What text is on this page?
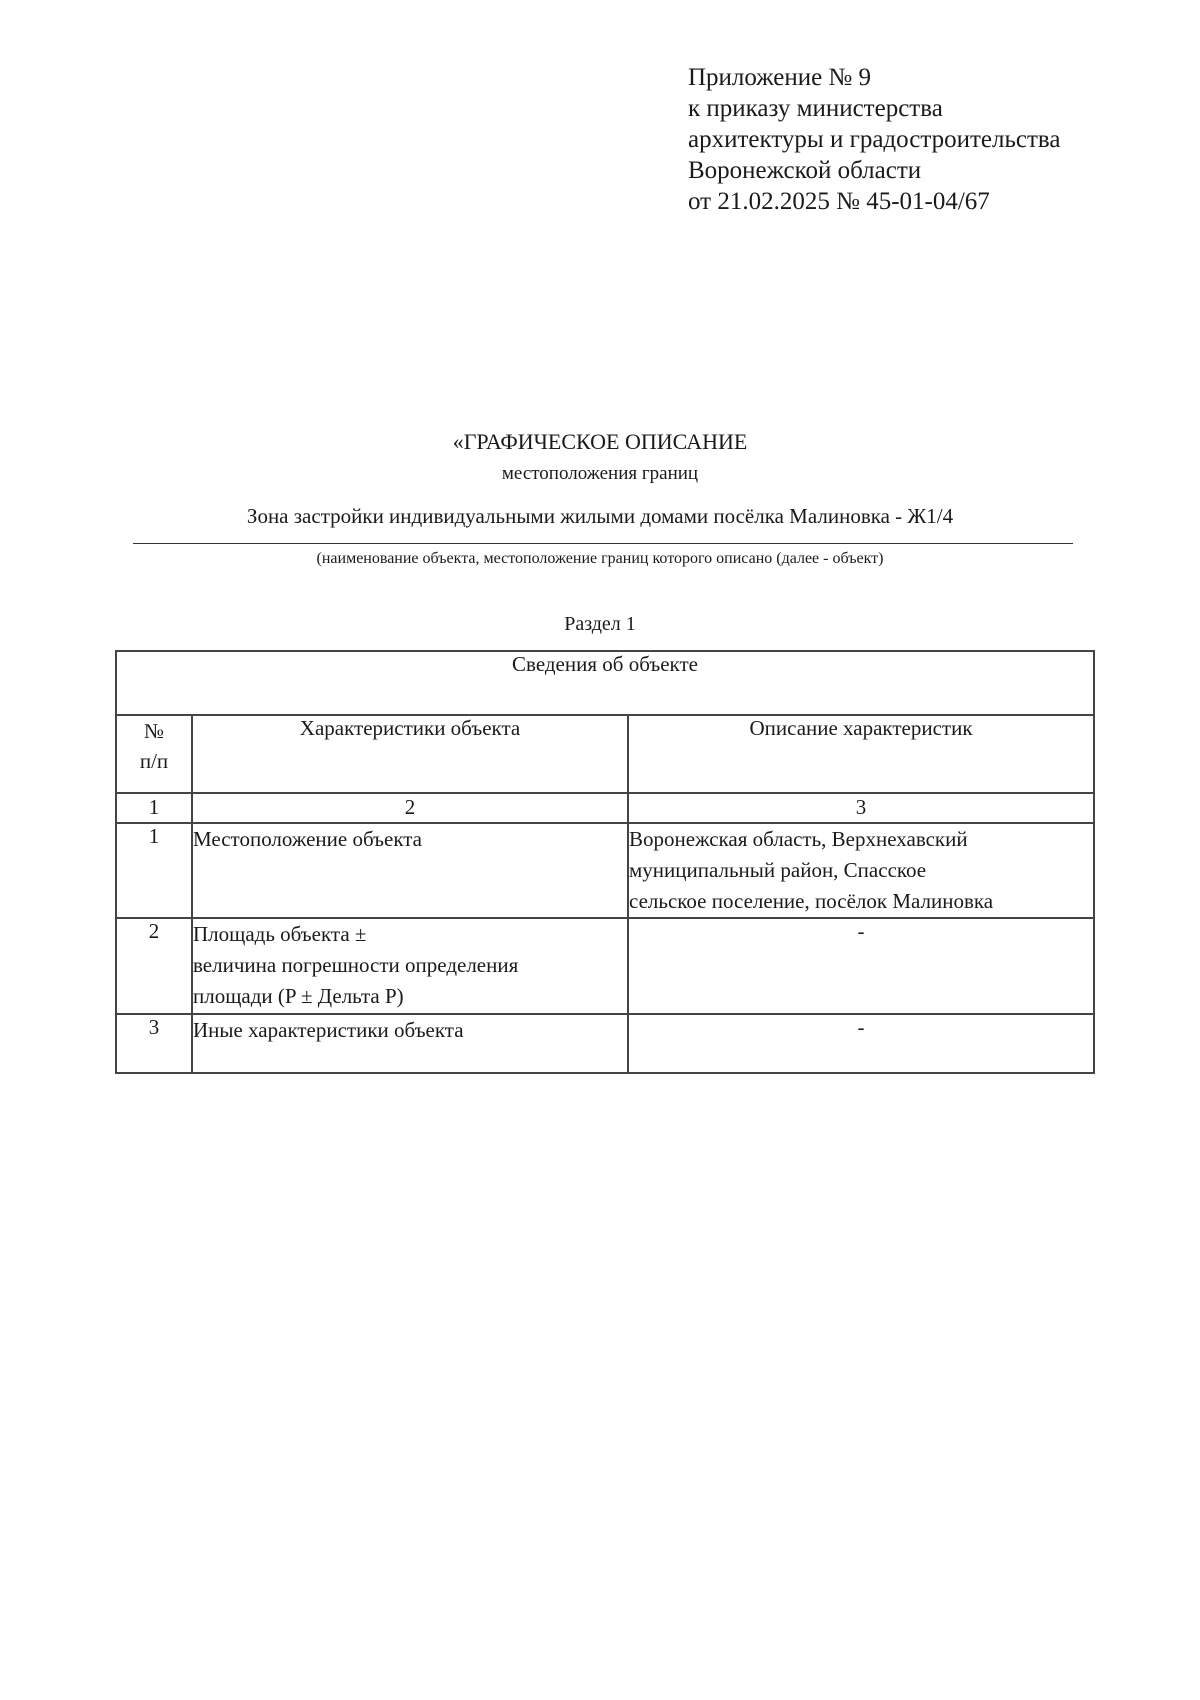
Приложение № 9
к приказу министерства
архитектуры и градостроительства
Воронежской области
от 21.02.2025 № 45-01-04/67
«ГРАФИЧЕСКОЕ ОПИСАНИЕ
местоположения границ
Зона застройки индивидуальными жилыми домами посёлка Малиновка - Ж1/4
(наименование объекта, местоположение границ которого описано (далее - объект)
Раздел 1
Сведения об объекте		

№
п/п	Характеристики объекта	Описание характеристик
1	2	3
1	Местоположение объекта	Воронежская область, Верхнехавский
муниципальный район, Спасское
сельское поселение, посёлок Малиновка

2	Площадь объекта ±
величина погрешности определения
площади (P ± Дельта P)	-
3	Иные характеристики объекта	-
